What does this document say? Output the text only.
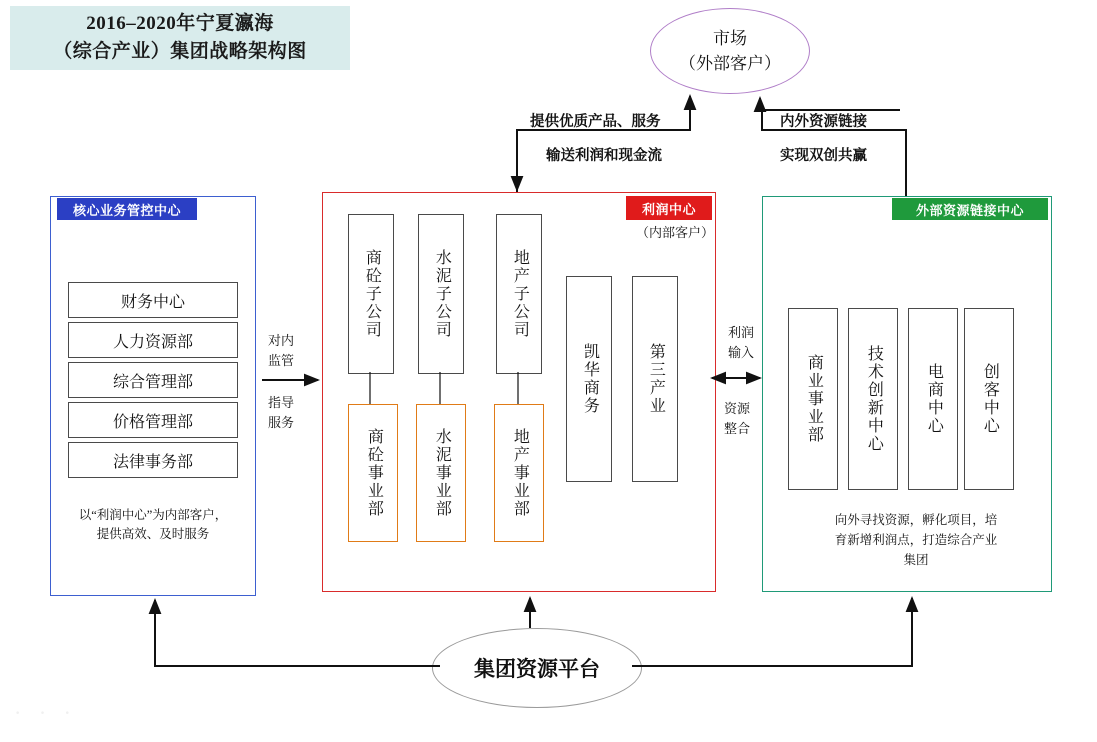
2016–2020年宁夏瀛海
（综合产业）集团战略架构图
市场
（外部客户）
提供优质产品、服务
输送利润和现金流
内外资源链接
实现双创共赢
核心业务管控中心
财务中心
人力资源部
综合管理部
价格管理部
法律事务部
以“利润中心”为内部客户，
提供高效、及时服务
对内
监管
指导
服务
利润中心
（内部客户）
商砼子公司	水泥子公司	地产子公司
商砼事业部	水泥事业部	地产事业部
凯华商务	第三产业
利润
输入
资源
整合
外部资源链接中心
商业事业部	技术创新中心	电商中心 创客中心
向外寻找资源，孵化项目，培
育新增利润点，打造综合产业
集团
集团资源平台
· · ·
